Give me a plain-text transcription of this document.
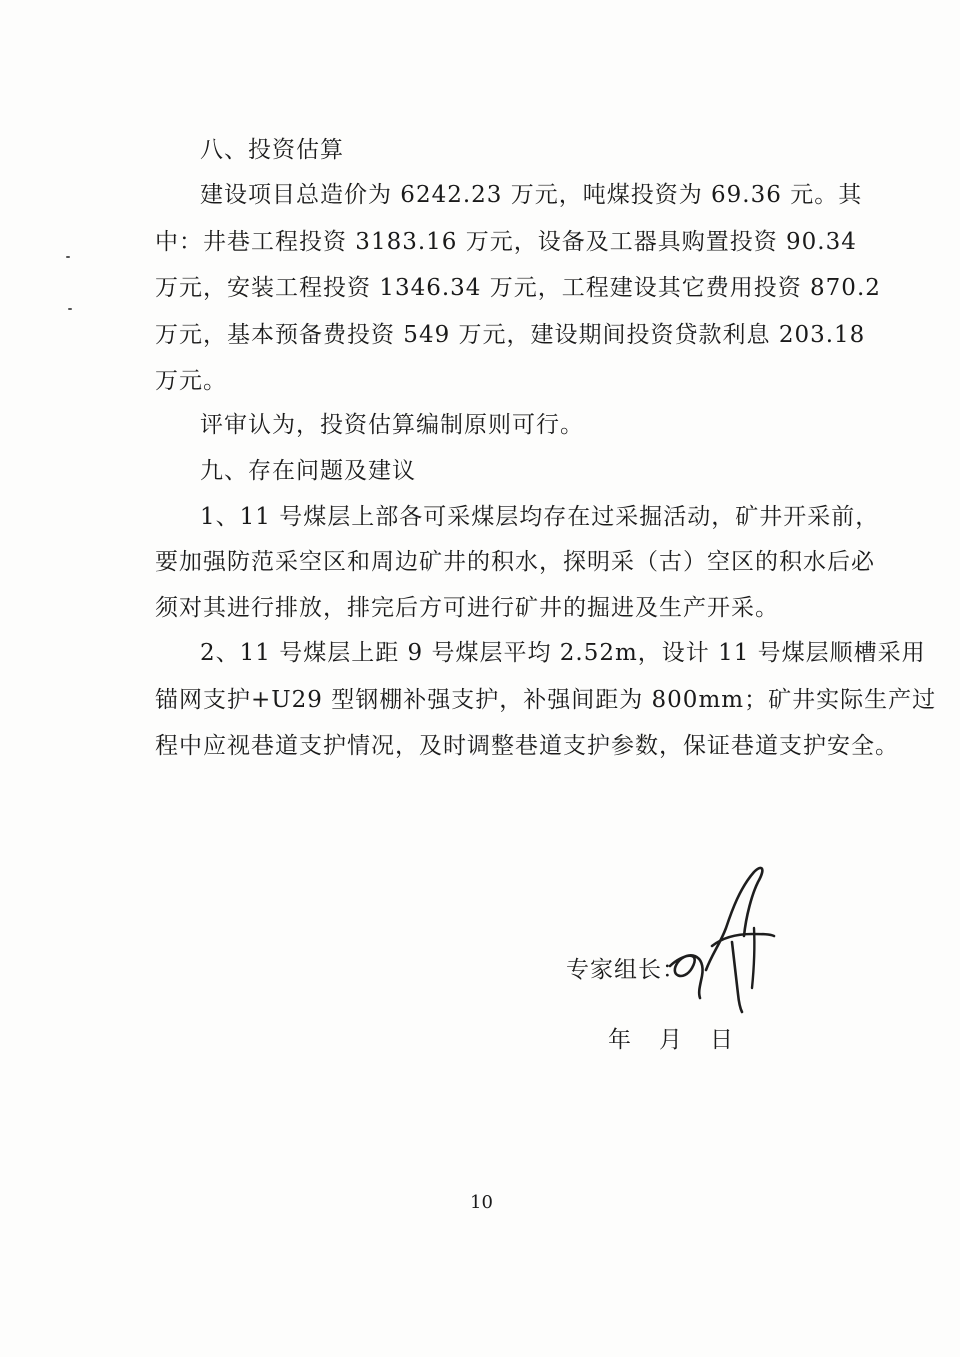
八、投资估算
建设项目总造价为 6242.23 万元，吨煤投资为 69.36 元。其
中：井巷工程投资 3183.16 万元，设备及工器具购置投资 90.34
万元，安装工程投资 1346.34 万元，工程建设其它费用投资 870.2
万元，基本预备费投资 549 万元，建设期间投资贷款利息 203.18
万元。
评审认为，投资估算编制原则可行。
九、存在问题及建议
1、11 号煤层上部各可采煤层均存在过采掘活动，矿井开采前，
要加强防范采空区和周边矿井的积水，探明采（古）空区的积水后必
须对其进行排放，排完后方可进行矿井的掘进及生产开采。
2、11 号煤层上距 9 号煤层平均 2.52m，设计 11 号煤层顺槽采用
锚网支护+U29 型钢棚补强支护，补强间距为 800mm；矿井实际生产过
程中应视巷道支护情况，及时调整巷道支护参数，保证巷道支护安全。
专家组长：
年 月 日
10
